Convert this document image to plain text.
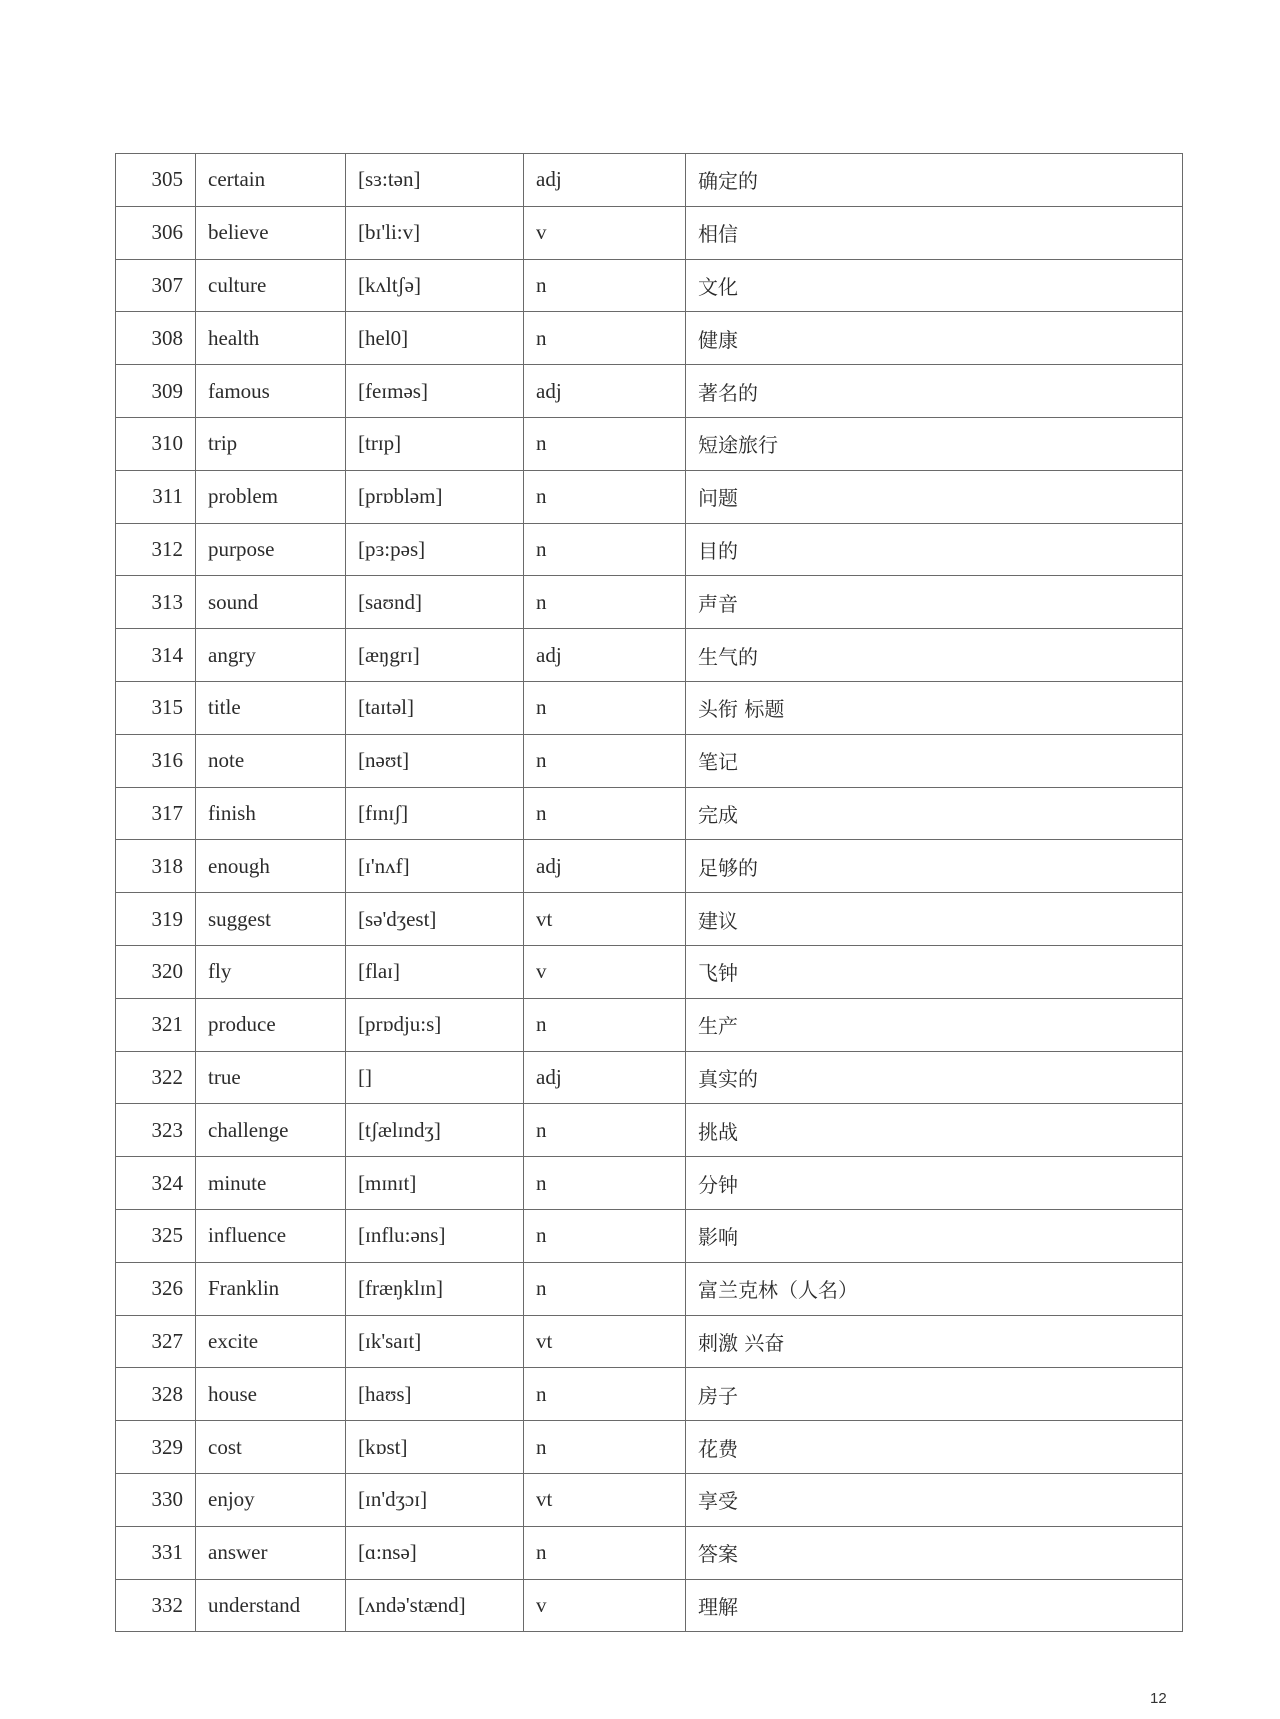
305	certain	[sɜ:tən]	adj	确定的
306	believe	[bɪ'li:v]	v	相信
307	culture	[kʌltʃə]	n	文化
308	health	[hel0]	n	健康
309	famous	[feɪməs]	adj	著名的
310	trip	[trɪp]	n	短途旅行
311	problem	[prɒbləm]	n	问题
312	purpose	[pɜ:pəs]	n	目的
313	sound	[saʊnd]	n	声音
314	angry	[æŋgrɪ]	adj	生气的
315	title	[taɪtəl]	n	头衔 标题
316	note	[nəʊt]	n	笔记
317	finish	[fɪnɪʃ]	n	完成
318	enough	[ɪ'nʌf]	adj	足够的
319	suggest	[sə'dʒest]	vt	建议
320	fly	[flaɪ]	v	飞钟
321	produce	[prɒdju:s]	n	生产
322	true	[]	adj	真实的
323	challenge	[tʃælɪndʒ]	n	挑战
324	minute	[mɪnɪt]	n	分钟
325	influence	[ɪnflu:əns]	n	影响
326	Franklin	[fræŋklɪn]	n	富兰克林（人名）
327	excite	[ɪk'saɪt]	vt	刺激 兴奋
328	house	[haʊs]	n	房子
329	cost	[kɒst]	n	花费
330	enjoy	[ɪn'dʒɔɪ]	vt	享受
331	answer	[ɑ:nsə]	n	答案
332	understand	[ʌndə'stænd]	v	理解
12
